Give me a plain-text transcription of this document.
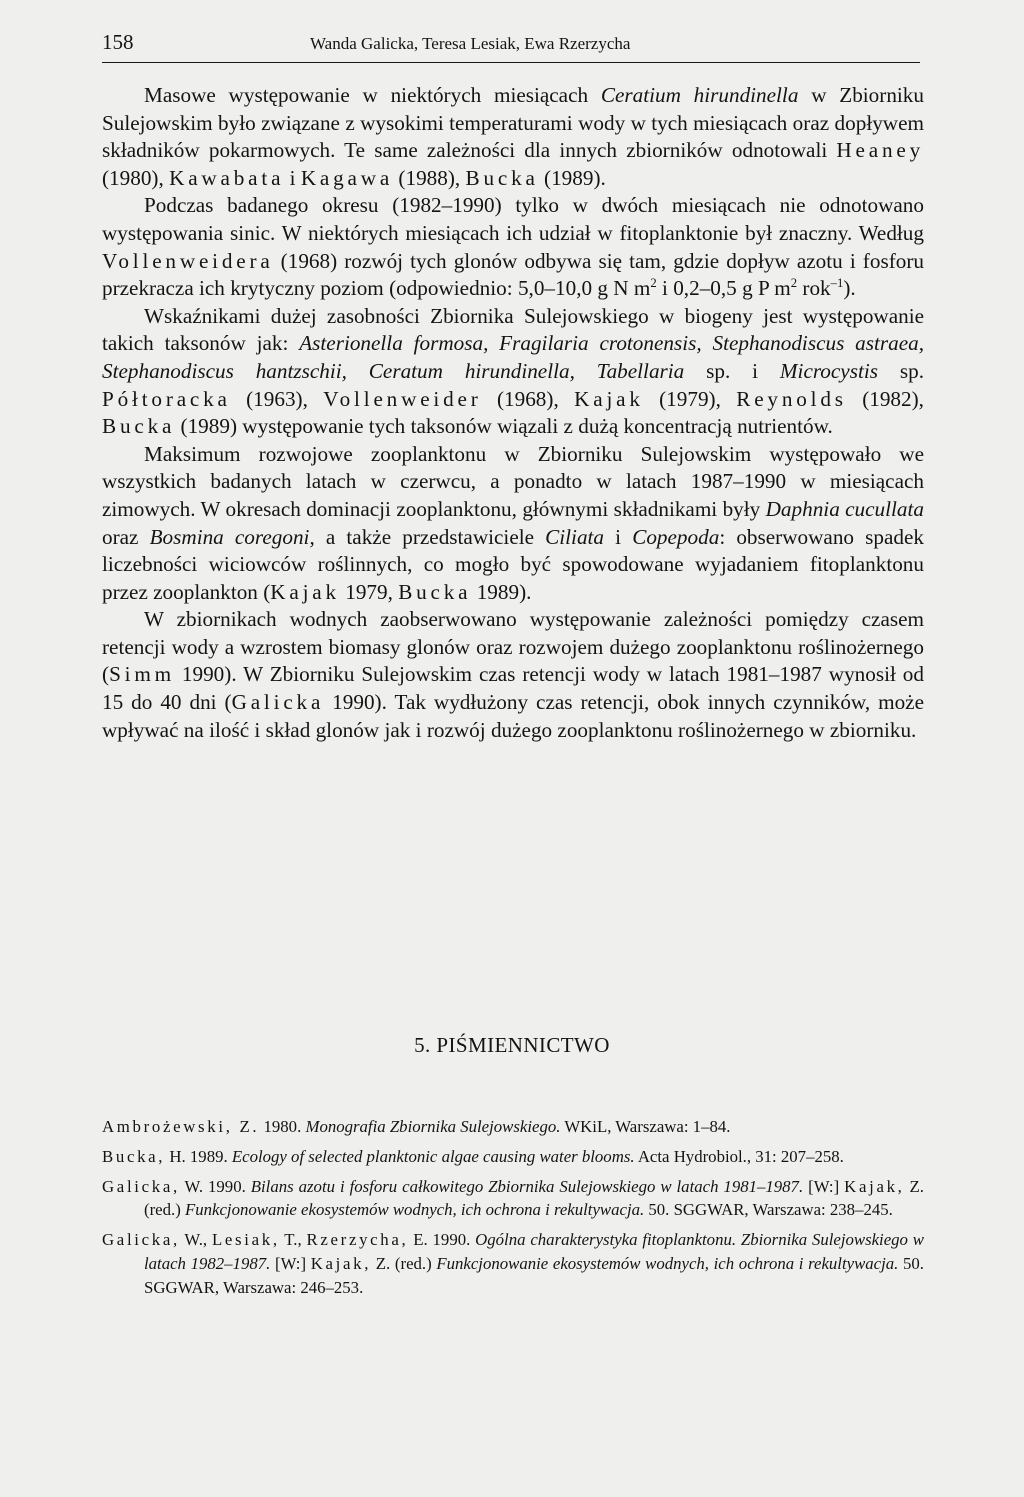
158	Wanda Galicka, Teresa Lesiak, Ewa Rzerzycha

Masowe występowanie w niektórych miesiącach Ceratium hirundinella w Zbiorniku Sulejowskim było związane z wysokimi temperaturami wody w tych miesiącach oraz dopływem składników pokarmowych. Te same zależności dla innych zbiorników odnotowali Heaney (1980), Kawabata i Kagawa (1988), Bucka (1989).

Podczas badanego okresu (1982–1990) tylko w dwóch miesiącach nie odnotowano występowania sinic. W niektórych miesiącach ich udział w fitoplanktonie był znaczny. Według Vollenweidera (1968) rozwój tych glonów odbywa się tam, gdzie dopływ azotu i fosforu przekracza ich krytyczny poziom (odpowiednio: 5,0–10,0 g N $m^2$ i 0,2–0,5 g P $m^2$ rok$^{-1}$).

Wskaźnikami dużej zasobności Zbiornika Sulejowskiego w biogeny jest występowanie takich taksonów jak: Asterionella formosa, Fragilaria crotonensis, Stephanodiscus astraea, Stephanodiscus hantzschii, Ceratum hirundinella, Tabellaria sp. i Microcystis sp. Półtoracka (1963), Vollenweider (1968), Kajak (1979), Reynolds (1982), Bucka (1989) występowanie tych taksonów wiązali z dużą koncentracją nutrientów.

Maksimum rozwojowe zooplanktonu w Zbiorniku Sulejowskim występowało we wszystkich badanych latach w czerwcu, a ponadto w latach 1987–1990 w miesiącach zimowych. W okresach dominacji zooplanktonu, głównymi składnikami były Daphnia cucullata oraz Bosmina coregoni, a także przedstawiciele Ciliata i Copepoda: obserwowano spadek liczebności wiciowców roślinnych, co mogło być spowodowane wyjadaniem fitoplanktonu przez zooplankton (Kajak 1979, Bucka 1989).

W zbiornikach wodnych zaobserwowano występowanie zależności pomiędzy czasem retencji wody a wzrostem biomasy glonów oraz rozwojem dużego zooplanktonu roślinożernego (Simm 1990). W Zbiorniku Sulejowskim czas retencji wody w latach 1981–1987 wynosił od 15 do 40 dni (Galicka 1990). Tak wydłużony czas retencji, obok innych czynników, może wpływać na ilość i skład glonów jak i rozwój dużego zooplanktonu roślinożernego w zbiorniku.

5. PIŚMIENNICTWO

Ambrożewski, Z. 1980. Monografia Zbiornika Sulejowskiego. WKiL, Warszawa: 1–84.

Bucka, H. 1989. Ecology of selected planktonic algae causing water blooms. Acta Hydrobiol., 31: 207–258.

Galicka, W. 1990. Bilans azotu i fosforu całkowitego Zbiornika Sulejowskiego w latach 1981–1987. [W:] Kajak, Z. (red.) Funkcjonowanie ekosystemów wodnych, ich ochrona i rekultywacja. 50. SGGWAR, Warszawa: 238–245.

Galicka, W., Lesiak, T., Rzerzycha, E. 1990. Ogólna charakterystyka fitoplanktonu. Zbiornika Sulejowskiego w latach 1982–1987. [W:] Kajak, Z. (red.) Funkcjonowanie ekosystemów wodnych, ich ochrona i rekultywacja. 50. SGGWAR, Warszawa: 246–253.
